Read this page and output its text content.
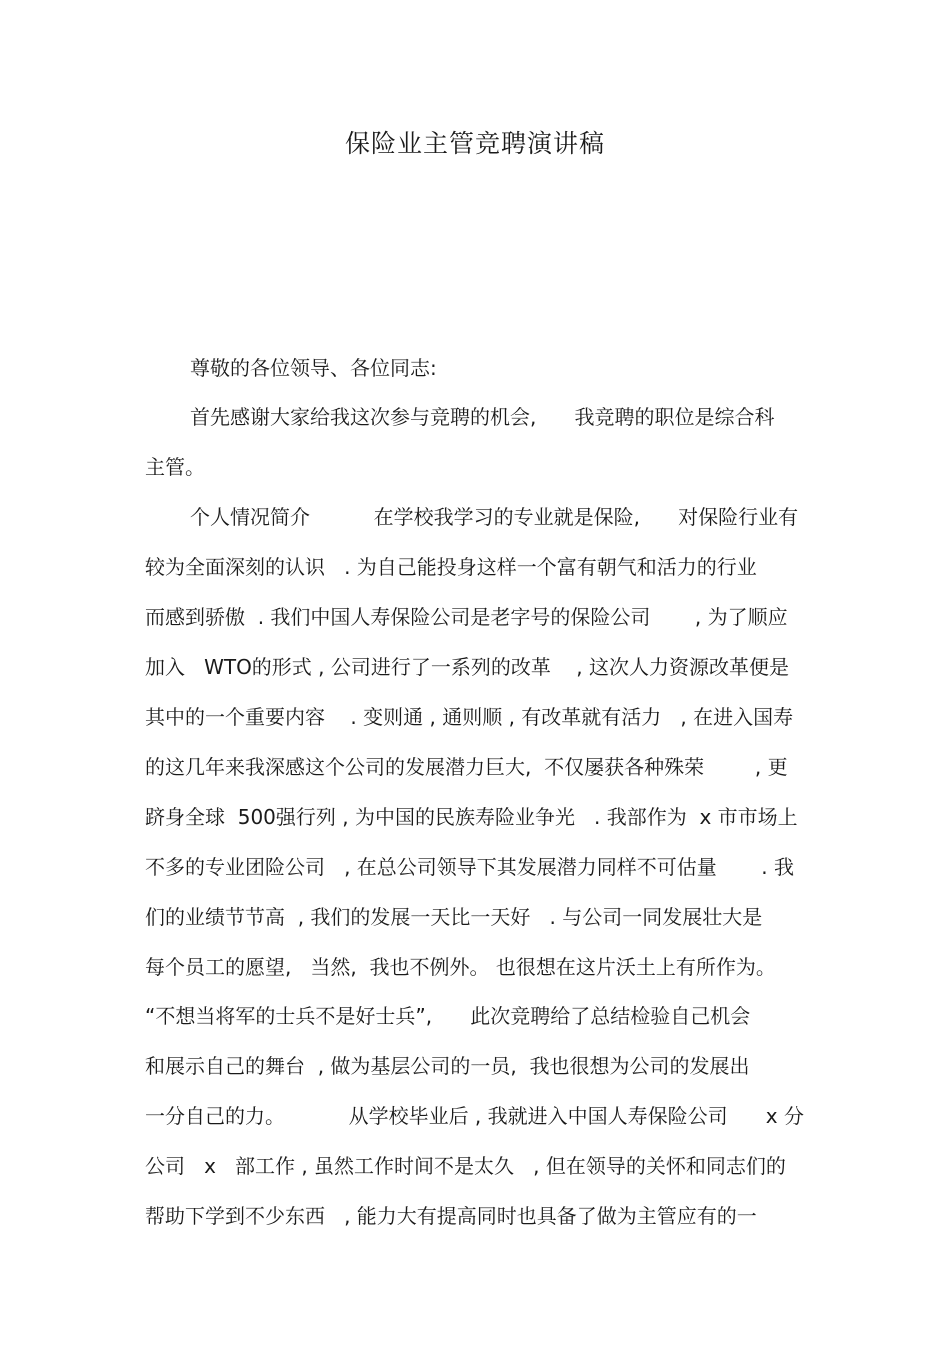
保险业主管竞聘演讲稿
尊敬的各位领导、各位同志:
首先感谢大家给我这次参与竞聘的机会,      我竞聘的职位是综合科
主管。
个人情况简介          在学校我学习的专业就是保险,      对保险行业有
较为全面深刻的认识   . 为自己能投身这样一个富有朝气和活力的行业
而感到骄傲  . 我们中国人寿保险公司是老字号的保险公司       , 为了顺应
加入   WTO的形式 , 公司进行了一系列的改革    , 这次人力资源改革便是
其中的一个重要内容    . 变则通 , 通则顺 , 有改革就有活力   , 在进入国寿
的这几年来我深感这个公司的发展潜力巨大,  不仅屡获各种殊荣        , 更
跻身全球  500强行列 , 为中国的民族寿险业争光   . 我部作为  x 市市场上
不多的专业团险公司   , 在总公司领导下其发展潜力同样不可估量       . 我
们的业绩节节高  , 我们的发展一天比一天好   . 与公司一同发展壮大是
每个员工的愿望,   当然,  我也不例外。 也很想在这片沃土上有所作为。
“不想当将军的士兵不是好士兵”,      此次竞聘给了总结检验自己机会
和展示自己的舞台  , 做为基层公司的一员,  我也很想为公司的发展出
一分自己的力。          从学校毕业后 , 我就进入中国人寿保险公司      x 分
公司   x   部工作 , 虽然工作时间不是太久   , 但在领导的关怀和同志们的
帮助下学到不少东西   , 能力大有提高同时也具备了做为主管应有的一
